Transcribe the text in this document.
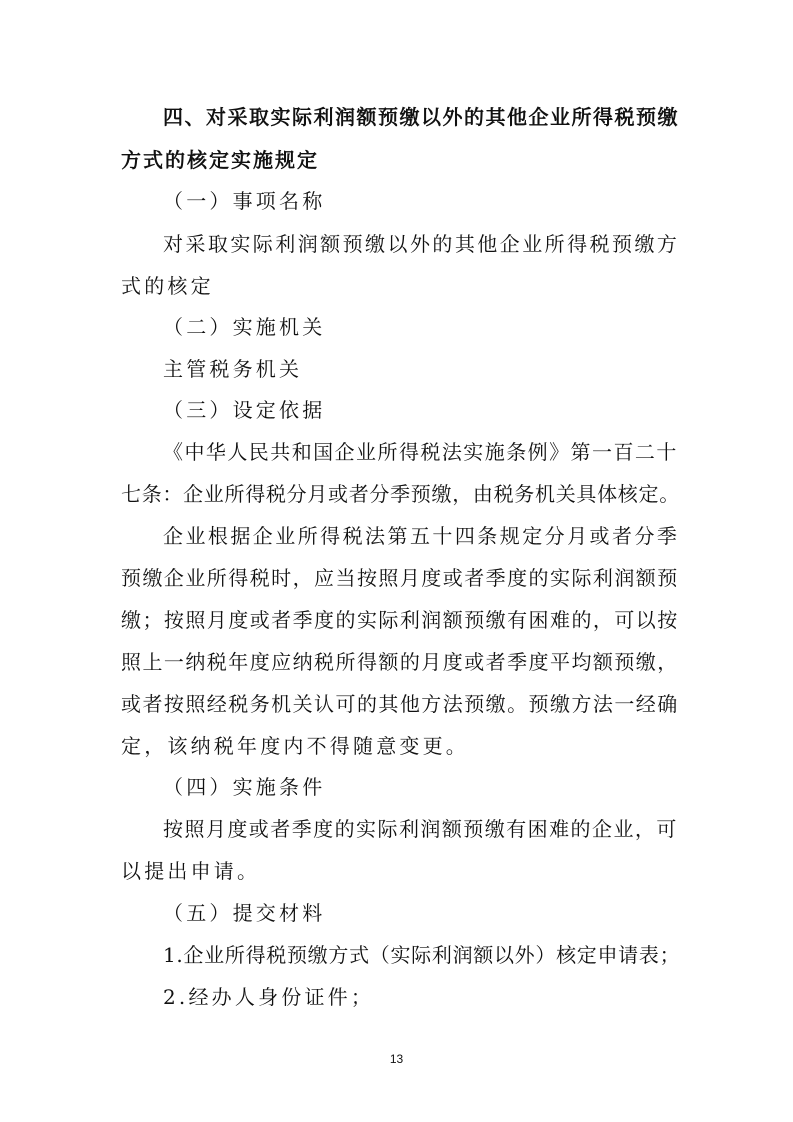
四、对采取实际利润额预缴以外的其他企业所得税预缴
方式的核定实施规定
（一）事项名称
对采取实际利润额预缴以外的其他企业所得税预缴方
式的核定
（二）实施机关
主管税务机关
（三）设定依据
《中华人民共和国企业所得税法实施条例》第一百二十
七条：企业所得税分月或者分季预缴，由税务机关具体核定。
企业根据企业所得税法第五十四条规定分月或者分季
预缴企业所得税时，应当按照月度或者季度的实际利润额预
缴；按照月度或者季度的实际利润额预缴有困难的，可以按
照上一纳税年度应纳税所得额的月度或者季度平均额预缴，
或者按照经税务机关认可的其他方法预缴。预缴方法一经确
定，该纳税年度内不得随意变更。
（四）实施条件
按照月度或者季度的实际利润额预缴有困难的企业，可
以提出申请。
（五）提交材料
1.企业所得税预缴方式（实际利润额以外）核定申请表；
2.经办人身份证件；
13
